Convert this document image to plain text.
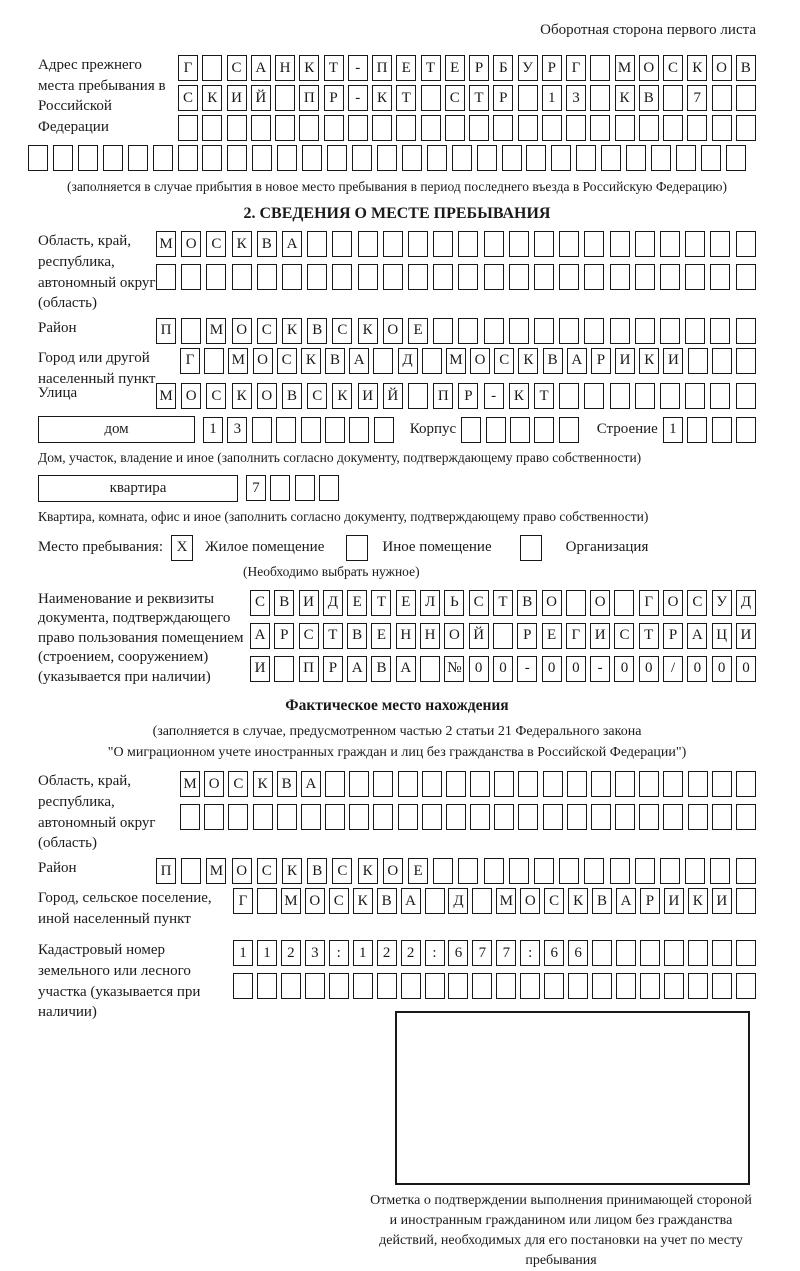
Оборотная сторона первого листа
Адрес прежнего места пребывания в Российской Федерации
Г	С А Н К Т	-	П Е	Т	Е	Р	Б У Р	Г	М О С К О В
С К И Й	П Р	-	К Т	С Т	Р	1	3	К В	7
(заполняется в случае прибытия в новое место пребывания в период последнего въезда в Российскую Федерацию)
2. СВЕДЕНИЯ О МЕСТЕ ПРЕБЫВАНИЯ
Область, край, республика, автономный округ (область)
М О С	К	В А
Район	П	М О С	К	В	С	К О	Е
Город или другой населенный пункт
Г	М О С К В А	Д	М О С К В А Р И К И
Улица	М О С	К О В	С	К И Й	П	Р	-	К	Т
дом	1	3	Корпус	Строение 1
Дом, участок, владение и иное (заполнить согласно документу, подтверждающему право собственности)
квартира	7
Квартира, комната, офис и иное (заполнить согласно документу, подтверждающему право собственности)
Место пребывания: X	Жилое помещение	Иное помещение	Организация
(Необходимо выбрать нужное)
Наименование и реквизиты документа, подтверждающего право пользования помещением (строением, сооружением) (указывается при наличии)
С В И Д Е	Т	Е Л Ь С Т В О	О	Г О С У Д
А Р	С Т В Е Н Н О Й	Р	Е	Г И С Т	Р А Ц И
И	П Р А В А	№ 0	0	-	0	0	-	0	0	/	0	0	0
Фактическое место нахождения
(заполняется в случае, предусмотренном частью 2 статьи 21 Федерального закона
"О миграционном учете иностранных граждан и лиц без гражданства в Российской Федерации")
Область, край, республика, автономный округ (область)
М О С К В А
Район	П	М О С	К	В	С	К О	Е
Город, сельское поселение, иной населенный пункт
Г	М О С К В А	Д	М О С К В А Р И К И
Кадастровый номер земельного или лесного участка (указывается при наличии)
1	1	2	3	:	1	2	2	:	6	7	7	:	6	6
Отметка о подтверждении выполнения принимающей стороной и иностранным гражданином или лицом без гражданства действий, необходимых для его постановки на учет по месту пребывания
